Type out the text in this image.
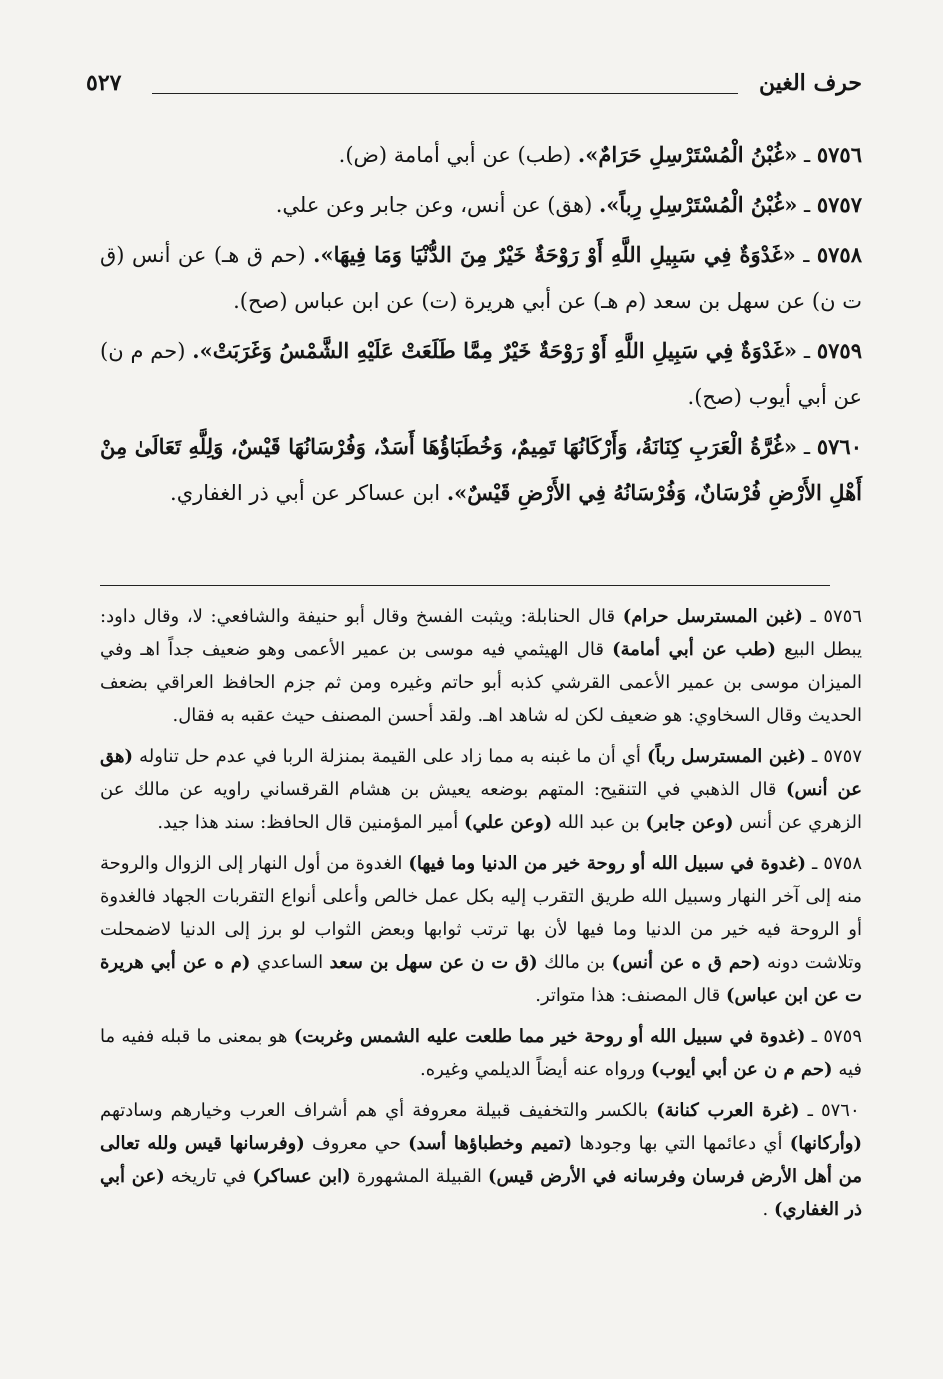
حرف الغين
٥٢٧

٥٧٥٦ ـ «غُبْنُ الْمُسْتَرْسِلِ حَرَامٌ». (طب) عن أبي أمامة (ض).

٥٧٥٧ ـ «غُبْنُ الْمُسْتَرْسِلِ رِباً». (هق) عن أنس، وعن جابر وعن علي.

٥٧٥٨ ـ «غَدْوَةٌ فِي سَبِيلِ اللَّهِ أَوْ رَوْحَةٌ خَيْرٌ مِنَ الدُّنْيَا وَمَا فِيهَا». (حم ق هـ) عن أنس (ق ت ن) عن سهل بن سعد (م هـ) عن أبي هريرة (ت) عن ابن عباس (صح).

٥٧٥٩ ـ «غَدْوَةٌ فِي سَبِيلِ اللَّهِ أَوْ رَوْحَةٌ خَيْرٌ مِمَّا طَلَعَتْ عَلَيْهِ الشَّمْسُ وَغَرَبَتْ». (حم م ن) عن أبي أيوب (صح).

٥٧٦٠ ـ «غُرَّةُ الْعَرَبِ كِنَانَةُ، وَأَرْكَانُهَا تَمِيمٌ، وَخُطَبَاؤُهَا أَسَدٌ، وَفُرْسَانُهَا قَيْسٌ، وَلِلَّهِ تَعَالَىٰ مِنْ أَهْلِ الأَرْضِ فُرْسَانٌ، وَفُرْسَانُهُ فِي الأَرْضِ قَيْسٌ». ابن عساكر عن أبي ذر الغفاري.

٥٧٥٦ ـ (غبن المسترسل حرام) قال الحنابلة: ويثبت الفسخ وقال أبو حنيفة والشافعي: لا، وقال داود: يبطل البيع (طب عن أبي أمامة) قال الهيثمي فيه موسى بن عمير الأعمى وهو ضعيف جداً اهـ وفي الميزان موسى بن عمير الأعمى القرشي كذبه أبو حاتم وغيره ومن ثم جزم الحافظ العراقي بضعف الحديث وقال السخاوي: هو ضعيف لكن له شاهد اهـ. ولقد أحسن المصنف حيث عقبه به فقال.

٥٧٥٧ ـ (غبن المسترسل رباً) أي أن ما غبنه به مما زاد على القيمة بمنزلة الربا في عدم حل تناوله (هق عن أنس) قال الذهبي في التنقيح: المتهم بوضعه يعيش بن هشام القرقساني راويه عن مالك عن الزهري عن أنس (وعن جابر) بن عبد الله (وعن علي) أمير المؤمنين قال الحافظ: سند هذا جيد.

٥٧٥٨ ـ (غدوة في سبيل الله أو روحة خير من الدنيا وما فيها) الغدوة من أول النهار إلى الزوال والروحة منه إلى آخر النهار وسبيل الله طريق التقرب إليه بكل عمل خالص وأعلى أنواع التقربات الجهاد فالغدوة أو الروحة فيه خير من الدنيا وما فيها لأن بها ترتب ثوابها وبعض الثواب لو برز إلى الدنيا لاضمحلت وتلاشت دونه (حم ق ه عن أنس) بن مالك (ق ت ن عن سهل بن سعد الساعدي (م ه عن أبي هريرة ت عن ابن عباس) قال المصنف: هذا متواتر.

٥٧٥٩ ـ (غدوة في سبيل الله أو روحة خير مما طلعت عليه الشمس وغربت) هو بمعنى ما قبله ففيه ما فيه (حم م ن عن أبي أيوب) ورواه عنه أيضاً الديلمي وغيره.

٥٧٦٠ ـ (غرة العرب كنانة) بالكسر والتخفيف قبيلة معروفة أي هم أشراف العرب وخيارهم وسادتهم (وأركانها) أي دعائمها التي بها وجودها (تميم وخطباؤها أسد) حي معروف (وفرسانها قيس ولله تعالى من أهل الأرض فرسان وفرسانه في الأرض قيس) القبيلة المشهورة (ابن عساكر) في تاريخه (عن أبي ذر الغفاري) .
